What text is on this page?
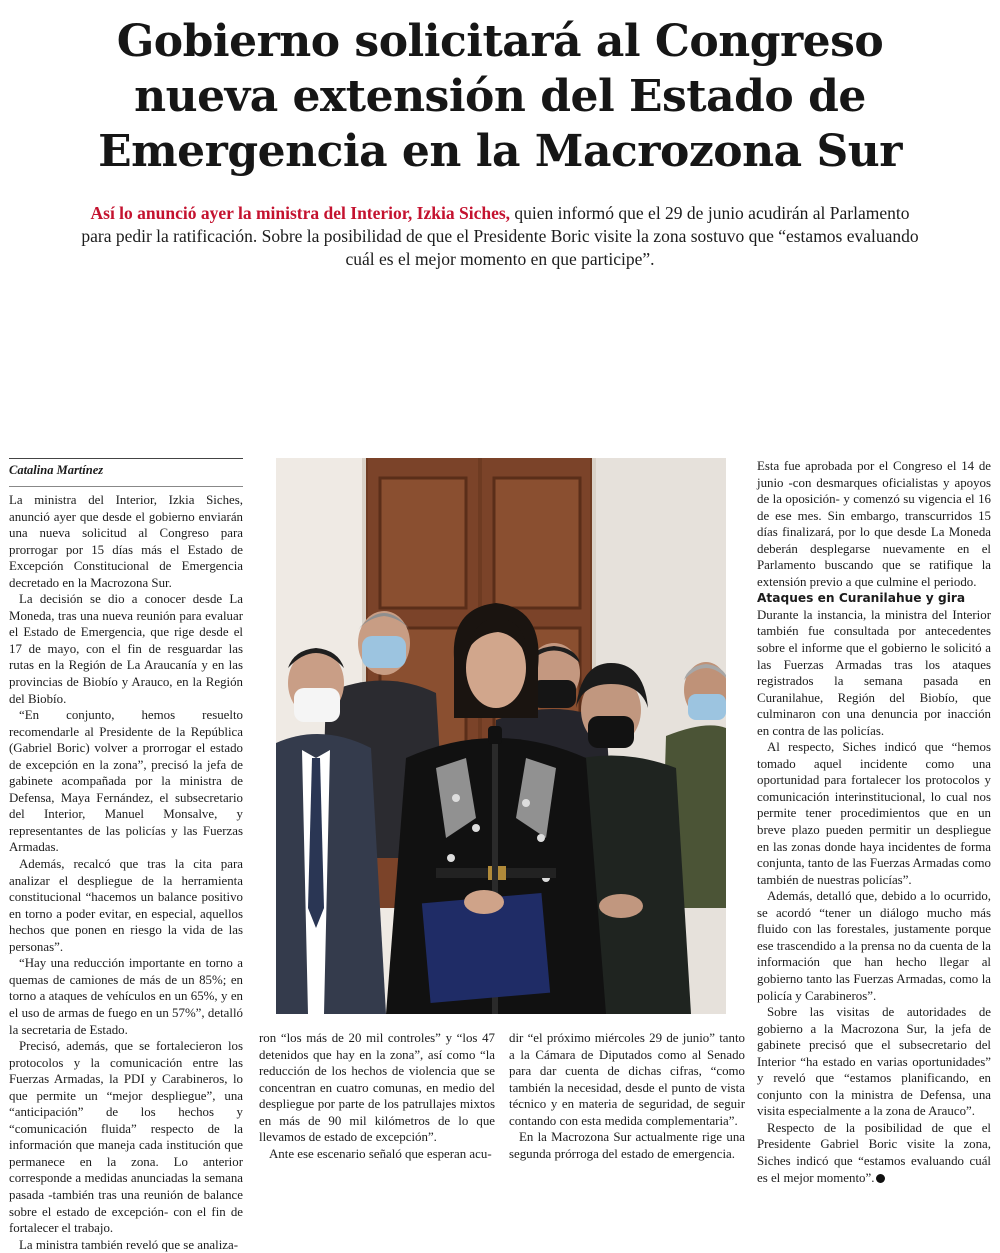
Gobierno solicitará al Congreso
nueva extensión del Estado de
Emergencia en la Macrozona Sur

Así lo anunció ayer la ministra del Interior, Izkia Siches, quien informó que el 29 de junio acudirán al Parlamento para pedir la ratificación. Sobre la posibilidad de que el Presidente Boric visite la zona sostuvo que “estamos evaluando cuál es el mejor momento en que participe”.

Catalina Martínez

La ministra del Interior, Izkia Siches, anunció ayer que desde el gobierno enviarán una nueva solicitud al Congreso para prorrogar por 15 días más el Estado de Excepción Constitucional de Emergencia decretado en la Macrozona Sur.

La decisión se dio a conocer desde La Moneda, tras una nueva reunión para evaluar el Estado de Emergencia, que rige desde el 17 de mayo, con el fin de resguardar las rutas en la Región de La Araucanía y en las provincias de Biobío y Arauco, en la Región del Biobío.

“En conjunto, hemos resuelto recomendarle al Presidente de la República (Gabriel Boric) volver a prorrogar el estado de excepción en la zona”, precisó la jefa de gabinete acompañada por la ministra de Defensa, Maya Fernández, el subsecretario del Interior, Manuel Monsalve, y representantes de las policías y las Fuerzas Armadas.

Además, recalcó que tras la cita para analizar el despliegue de la herramienta constitucional “hacemos un balance positivo en torno a poder evitar, en especial, aquellos hechos que ponen en riesgo la vida de las personas”.

“Hay una reducción importante en torno a quemas de camiones de más de un 85%; en torno a ataques de vehículos en un 65%, y en el uso de armas de fuego en un 57%”, detalló la secretaria de Estado.

Precisó, además, que se fortalecieron los protocolos y la comunicación entre las Fuerzas Armadas, la PDI y Carabineros, lo que permite un “mejor despliegue”, una “anticipación” de los hechos y “comunicación fluida” respecto de la información que maneja cada institución que permanece en la zona. Lo anterior corresponde a medidas anunciadas la semana pasada -también tras una reunión de balance sobre el estado de excepción- con el fin de fortalecer el trabajo.

La ministra también reveló que se analiza-

ron “los más de 20 mil controles” y “los 47 detenidos que hay en la zona”, así como “la reducción de los hechos de violencia que se concentran en cuatro comunas, en medio del despliegue por parte de los patrullajes mixtos en más de 90 mil kilómetros de lo que llevamos de estado de excepción”.

Ante ese escenario señaló que esperan acu-

dir “el próximo miércoles 29 de junio” tanto a la Cámara de Diputados como al Senado para dar cuenta de dichas cifras, “como también la necesidad, desde el punto de vista técnico y en materia de seguridad, de seguir contando con esta medida complementaria”.

En la Macrozona Sur actualmente rige una segunda prórroga del estado de emergencia.

Esta fue aprobada por el Congreso el 14 de junio -con desmarques oficialistas y apoyos de la oposición- y comenzó su vigencia el 16 de ese mes. Sin embargo, transcurridos 15 días finalizará, por lo que desde La Moneda deberán desplegarse nuevamente en el Parlamento buscando que se ratifique la extensión previo a que culmine el periodo.

Ataques en Curanilahue y gira

Durante la instancia, la ministra del Interior también fue consultada por antecedentes sobre el informe que el gobierno le solicitó a las Fuerzas Armadas tras los ataques registrados la semana pasada en Curanilahue, Región del Biobío, que culminaron con una denuncia por inacción en contra de las policías.

Al respecto, Siches indicó que “hemos tomado aquel incidente como una oportunidad para fortalecer los protocolos y comunicación interinstitucional, lo cual nos permite tener procedimientos que en un breve plazo pueden permitir un despliegue en las zonas donde haya incidentes de forma conjunta, tanto de las Fuerzas Armadas como también de nuestras policías”.

Además, detalló que, debido a lo ocurrido, se acordó “tener un diálogo mucho más fluido con las forestales, justamente porque ese trascendido a la prensa no da cuenta de la información que han hecho llegar al gobierno tanto las Fuerzas Armadas, como la policía y Carabineros”.

Sobre las visitas de autoridades de gobierno a la Macrozona Sur, la jefa de gabinete precisó que el subsecretario del Interior “ha estado en varias oportunidades” y reveló que “estamos planificando, en conjunto con la ministra de Defensa, una visita especialmente a la zona de Arauco”.

Respecto de la posibilidad de que el Presidente Gabriel Boric visite la zona, Siches indicó que “estamos evaluando cuál es el mejor momento”.
